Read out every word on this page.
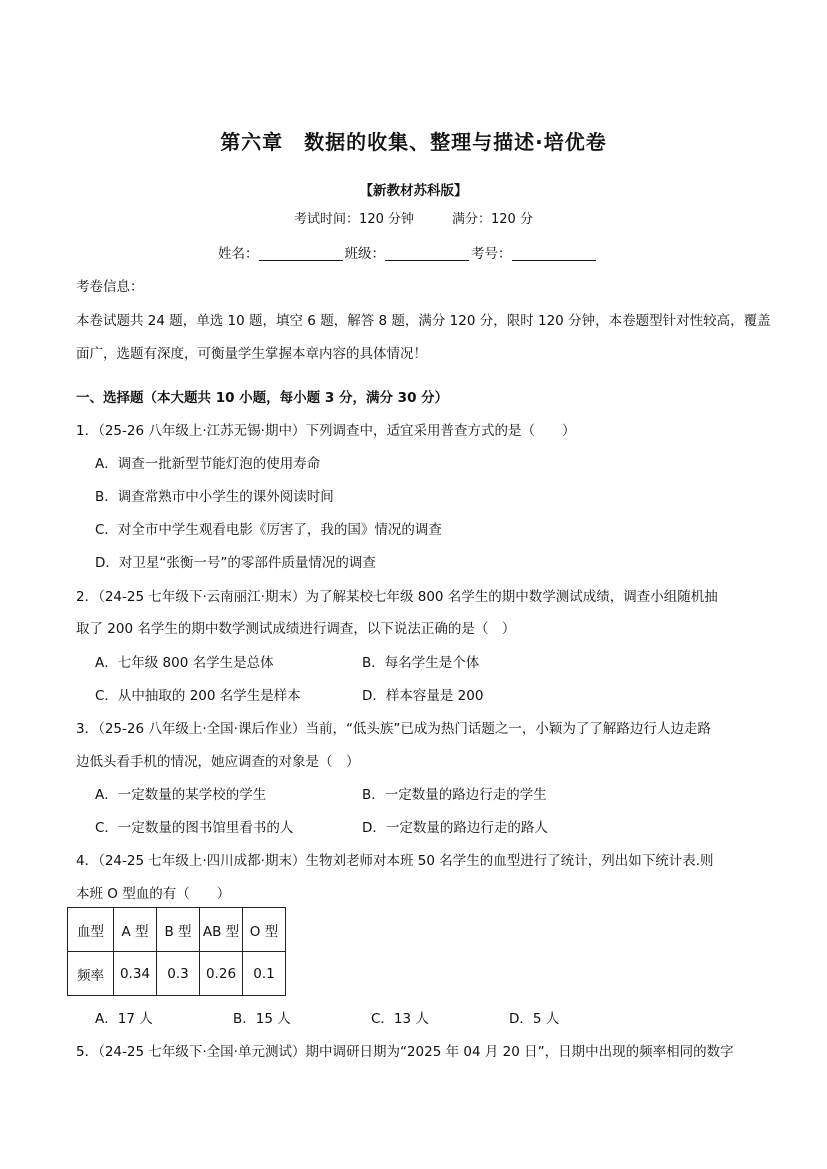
第六章　数据的收集、整理与描述·培优卷
【新教材苏科版】
考试时间：120 分钟	满分：120 分
姓名：	班级：	考号：
考卷信息：
本卷试题共 24 题，单选 10 题，填空 6 题，解答 8 题，满分 120 分，限时 120 分钟，本卷题型针对性较高，覆盖
面广，选题有深度，可衡量学生掌握本章内容的具体情况！
一、选择题（本大题共 10 小题，每小题 3 分，满分 30 分）
1．（25-26 八年级上·江苏无锡·期中）下列调查中，适宜采用普查方式的是（　　）
A．调查一批新型节能灯泡的使用寿命
B．调查常熟市中小学生的课外阅读时间
C．对全市中学生观看电影《厉害了，我的国》情况的调查
D．对卫星“张衡一号”的零部件质量情况的调查
2．（24-25 七年级下·云南丽江·期末）为了解某校七年级 800 名学生的期中数学测试成绩，调查小组随机抽
取了 200 名学生的期中数学测试成绩进行调查，以下说法正确的是（　）
A．七年级 800 名学生是总体	B．每名学生是个体
C．从中抽取的 200 名学生是样本	D．样本容量是 200
3．（25-26 八年级上·全国·课后作业）当前，“低头族”已成为热门话题之一，小颖为了了解路边行人边走路
边低头看手机的情况，她应调查的对象是（　）
A．一定数量的某学校的学生	B．一定数量的路边行走的学生
C．一定数量的图书馆里看书的人	D．一定数量的路边行走的路人
4．（24-25 七年级上·四川成都·期末）生物刘老师对本班 50 名学生的血型进行了统计，列出如下统计表.则
本班 O 型血的有（　　）
血型	A 型	B 型	AB 型	O 型
频率	0.34	0.3	0.26	0.1
A．17 人	B．15 人	C．13 人	D．5 人
5．（24-25 七年级下·全国·单元测试）期中调研日期为“2025 年 04 月 20 日”，日期中出现的频率相同的数字
